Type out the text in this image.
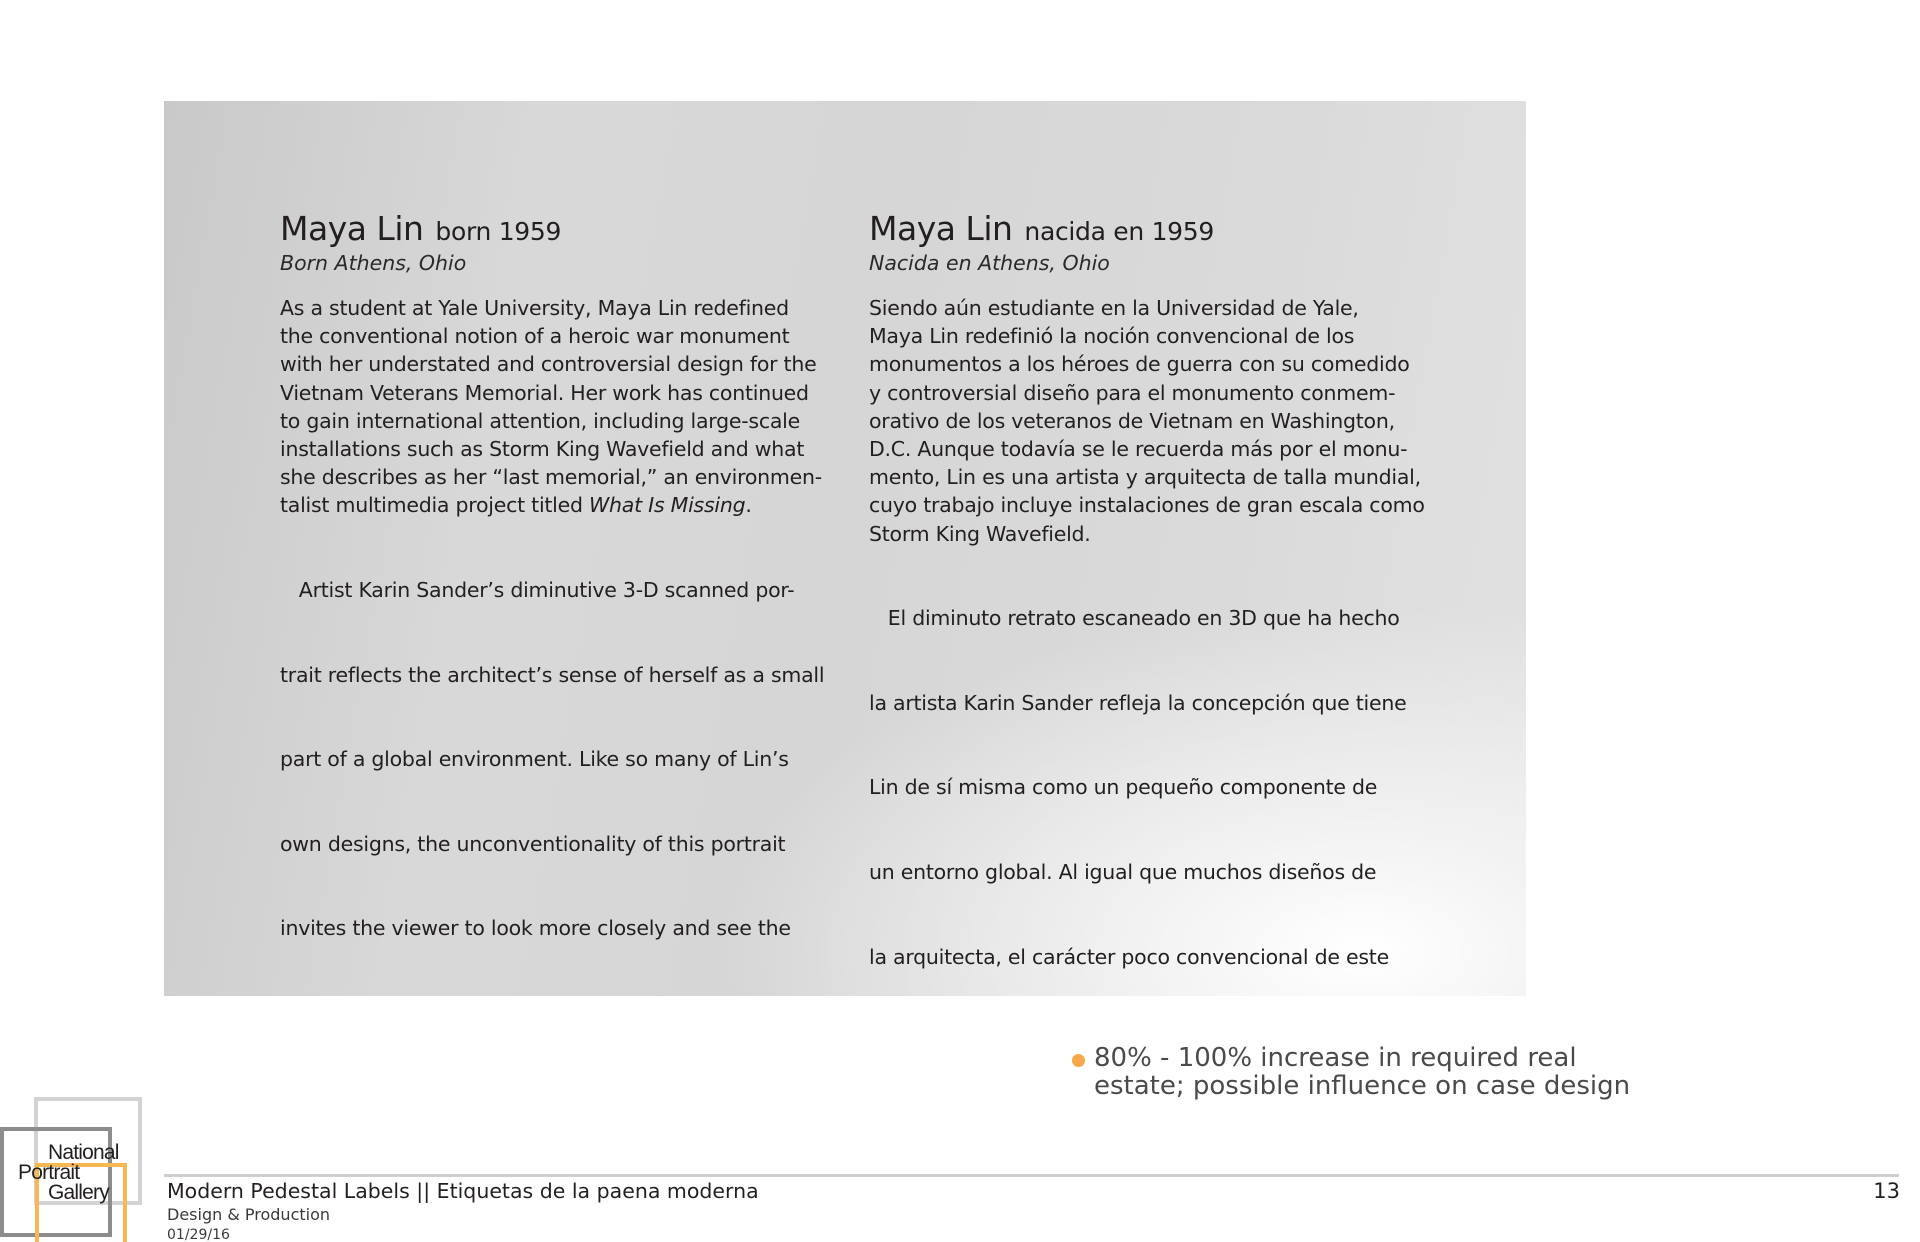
Maya Lin born 1959
Born Athens, Ohio

As a student at Yale University, Maya Lin redefined

the conventional notion of a heroic war monument

with her understated and controversial design for the

Vietnam Veterans Memorial. Her work has continued

to gain international attention, including large-scale

installations such as Storm King Wavefield and what

she describes as her “last memorial,” an environmen-

talist multimedia project titled What Is Missing.

Artist Karin Sander’s diminutive 3-D scanned por-

trait reflects the architect’s sense of herself as a small

part of a global environment. Like so many of Lin’s

own designs, the unconventionality of this portrait

invites the viewer to look more closely and see the

Maya Lin nacida en 1959
Nacida en Athens, Ohio

Siendo aún estudiante en la Universidad de Yale,

Maya Lin redefinió la noción convencional de los

monumentos a los héroes de guerra con su comedido

y controversial diseño para el monumento conmem-

orativo de los veteranos de Vietnam en Washington,

D.C. Aunque todavía se le recuerda más por el monu-

mento, Lin es una artista y arquitecta de talla mundial,

cuyo trabajo incluye instalaciones de gran escala como

Storm King Wavefield.

El diminuto retrato escaneado en 3D que ha hecho

la artista Karin Sander refleja la concepción que tiene

Lin de sí misma como un pequeño componente de

un entorno global. Al igual que muchos diseños de

la arquitecta, el carácter poco convencional de este

80% - 100% increase in required real
estate; possible influence on case design
National
Portrait
Gallery	Modern Pedestal Labels || Etiquetas de la paena moderna
Design & Production
01/29/16
13
